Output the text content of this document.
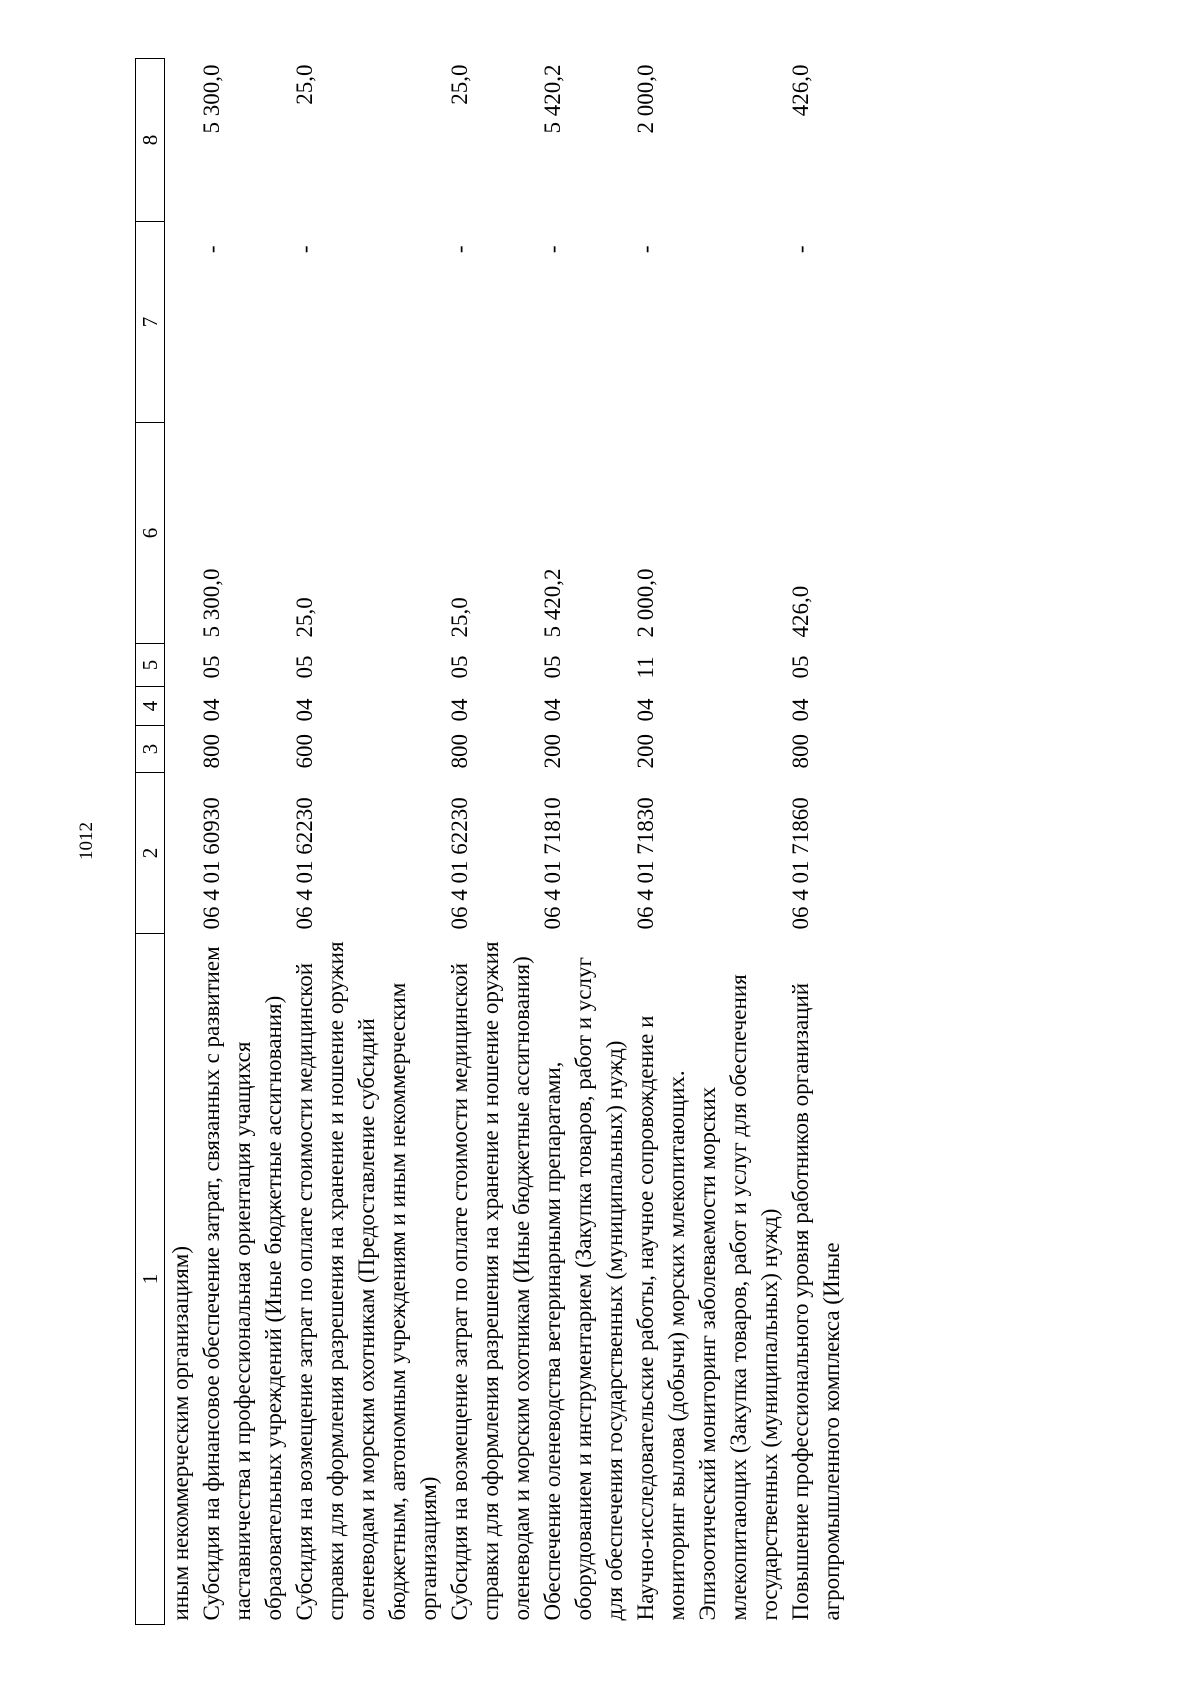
1012
1	2	3	4	5	6	7	8
иным некоммерческим организациям)							
Субсидия на финансовое обеспечение затрат, связанных с развитием наставничества и профессиональная ориентация учащихся образовательных учреждений (Иные бюджетные ассигнования)	06 4 01 60930	800	04	05	5 300,0	-	5 300,0
Субсидия на возмещение затрат по оплате стоимости медицинской справки для оформления разрешения на хранение и ношение оружия оленеводам и морским охотникам (Предоставление субсидий бюджетным, автономным учреждениям и иным некоммерческим организациям)	06 4 01 62230	600	04	05	25,0	-	25,0
Субсидия на возмещение затрат по оплате стоимости медицинской справки для оформления разрешения на хранение и ношение оружия оленеводам и морским охотникам (Иные бюджетные ассигнования)	06 4 01 62230	800	04	05	25,0	-	25,0
Обеспечение оленеводства ветеринарными препаратами, оборудованием и инструментарием (Закупка товаров, работ и услуг для обеспечения государственных (муниципальных) нужд)	06 4 01 71810	200	04	05	5 420,2	-	5 420,2
Научно-исследовательские работы, научное сопровождение и мониторинг вылова (добычи) морских млекопитающих. Эпизоотический мониторинг заболеваемости морских млекопитающих (Закупка товаров, работ и услуг для обеспечения государственных (муниципальных) нужд)	06 4 01 71830	200	04	11	2 000,0	-	2 000,0
Повышение профессионального уровня работников организаций агропромышленного комплекса (Иные	06 4 01 71860	800	04	05	426,0	-	426,0
